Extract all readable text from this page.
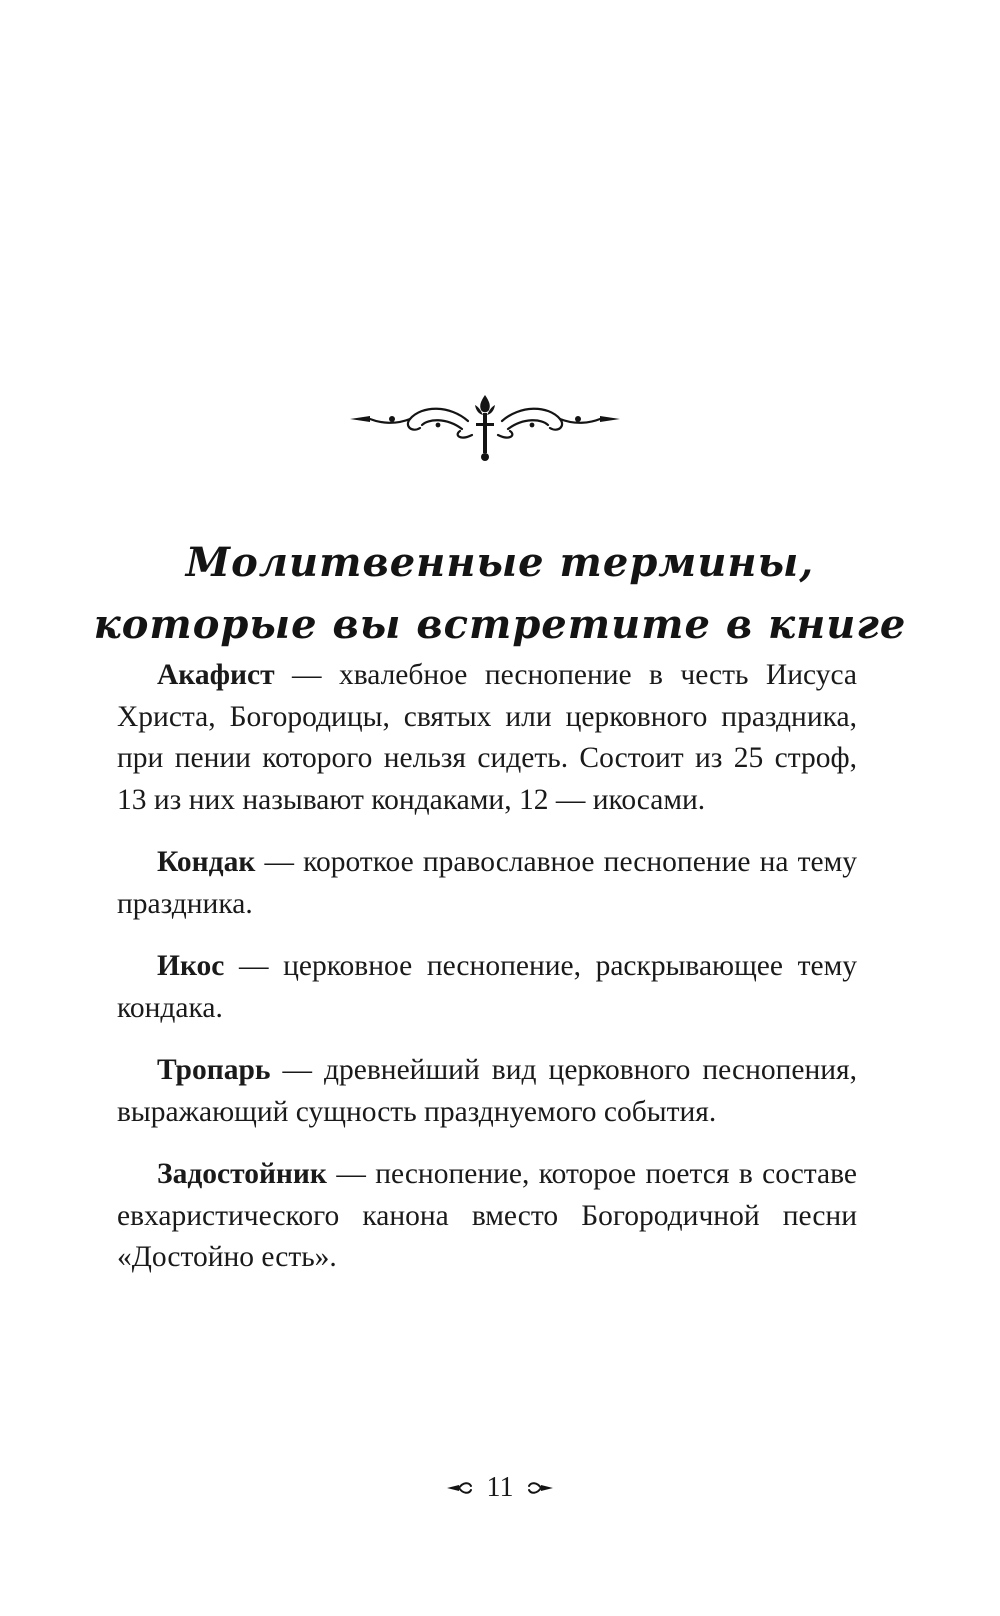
Молитвенные термины,
которые вы встретите в книге

Акафист — хвалебное песнопение в честь Иисуса Христа, Богородицы, святых или церковного праздника, при пении которого нельзя сидеть. Состоит из 25 строф, 13 из них называют кондаками, 12 — икосами.

Кондак — короткое православное песнопение на тему праздника.

Икос — церковное песнопение, раскрывающее тему кондака.

Тропарь — древнейший вид церковного песнопения, выражающий сущность празднуемого события.

Задостойник — песнопение, которое поется в составе евхаристического канона вместо Богородичной песни «Достойно есть».

11
